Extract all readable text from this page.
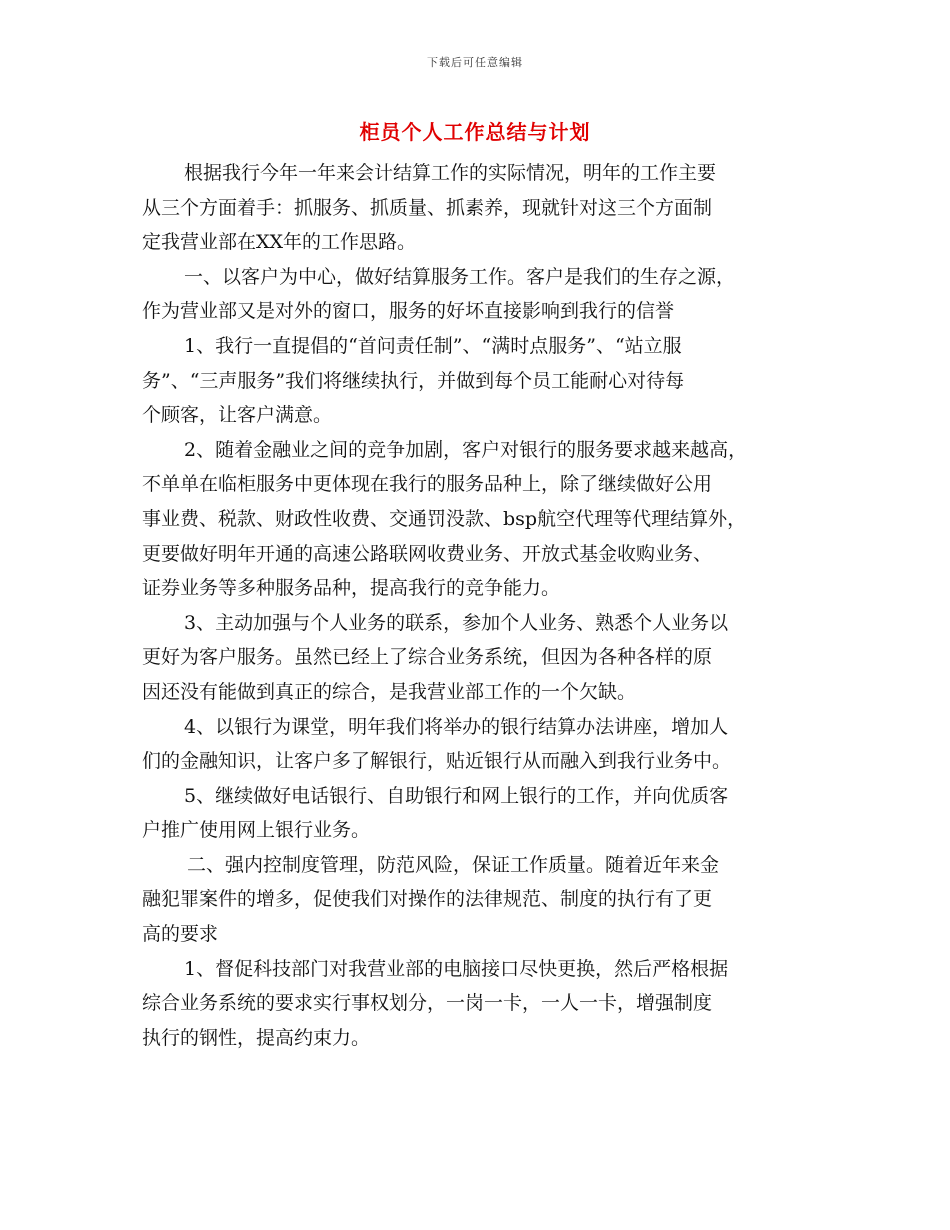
下载后可任意编辑
柜员个人工作总结与计划
根据我行今年一年来会计结算工作的实际情况，明年的工作主要
从三个方面着手：抓服务、抓质量、抓素养，现就针对这三个方面制
定我营业部在XX年的工作思路。
一、以客户为中心，做好结算服务工作。客户是我们的生存之源，
作为营业部又是对外的窗口，服务的好坏直接影响到我行的信誉
1、我行一直提倡的“首问责任制”、“满时点服务”、“站立服
务”、“三声服务”我们将继续执行，并做到每个员工能耐心对待每
个顾客，让客户满意。
2、随着金融业之间的竞争加剧，客户对银行的服务要求越来越高，
不单单在临柜服务中更体现在我行的服务品种上，除了继续做好公用
事业费、税款、财政性收费、交通罚没款、bsp航空代理等代理结算外，
更要做好明年开通的高速公路联网收费业务、开放式基金收购业务、
证券业务等多种服务品种，提高我行的竞争能力。
3、主动加强与个人业务的联系，参加个人业务、熟悉个人业务以
更好为客户服务。虽然已经上了综合业务系统，但因为各种各样的原
因还没有能做到真正的综合，是我营业部工作的一个欠缺。
4、以银行为课堂，明年我们将举办的银行结算办法讲座，增加人
们的金融知识，让客户多了解银行，贴近银行从而融入到我行业务中。
5、继续做好电话银行、自助银行和网上银行的工作，并向优质客
户推广使用网上银行业务。
二、强内控制度管理，防范风险，保证工作质量。随着近年来金
融犯罪案件的增多，促使我们对操作的法律规范、制度的执行有了更
高的要求
1、督促科技部门对我营业部的电脑接口尽快更换，然后严格根据
综合业务系统的要求实行事权划分，一岗一卡，一人一卡，增强制度
执行的钢性，提高约束力。
